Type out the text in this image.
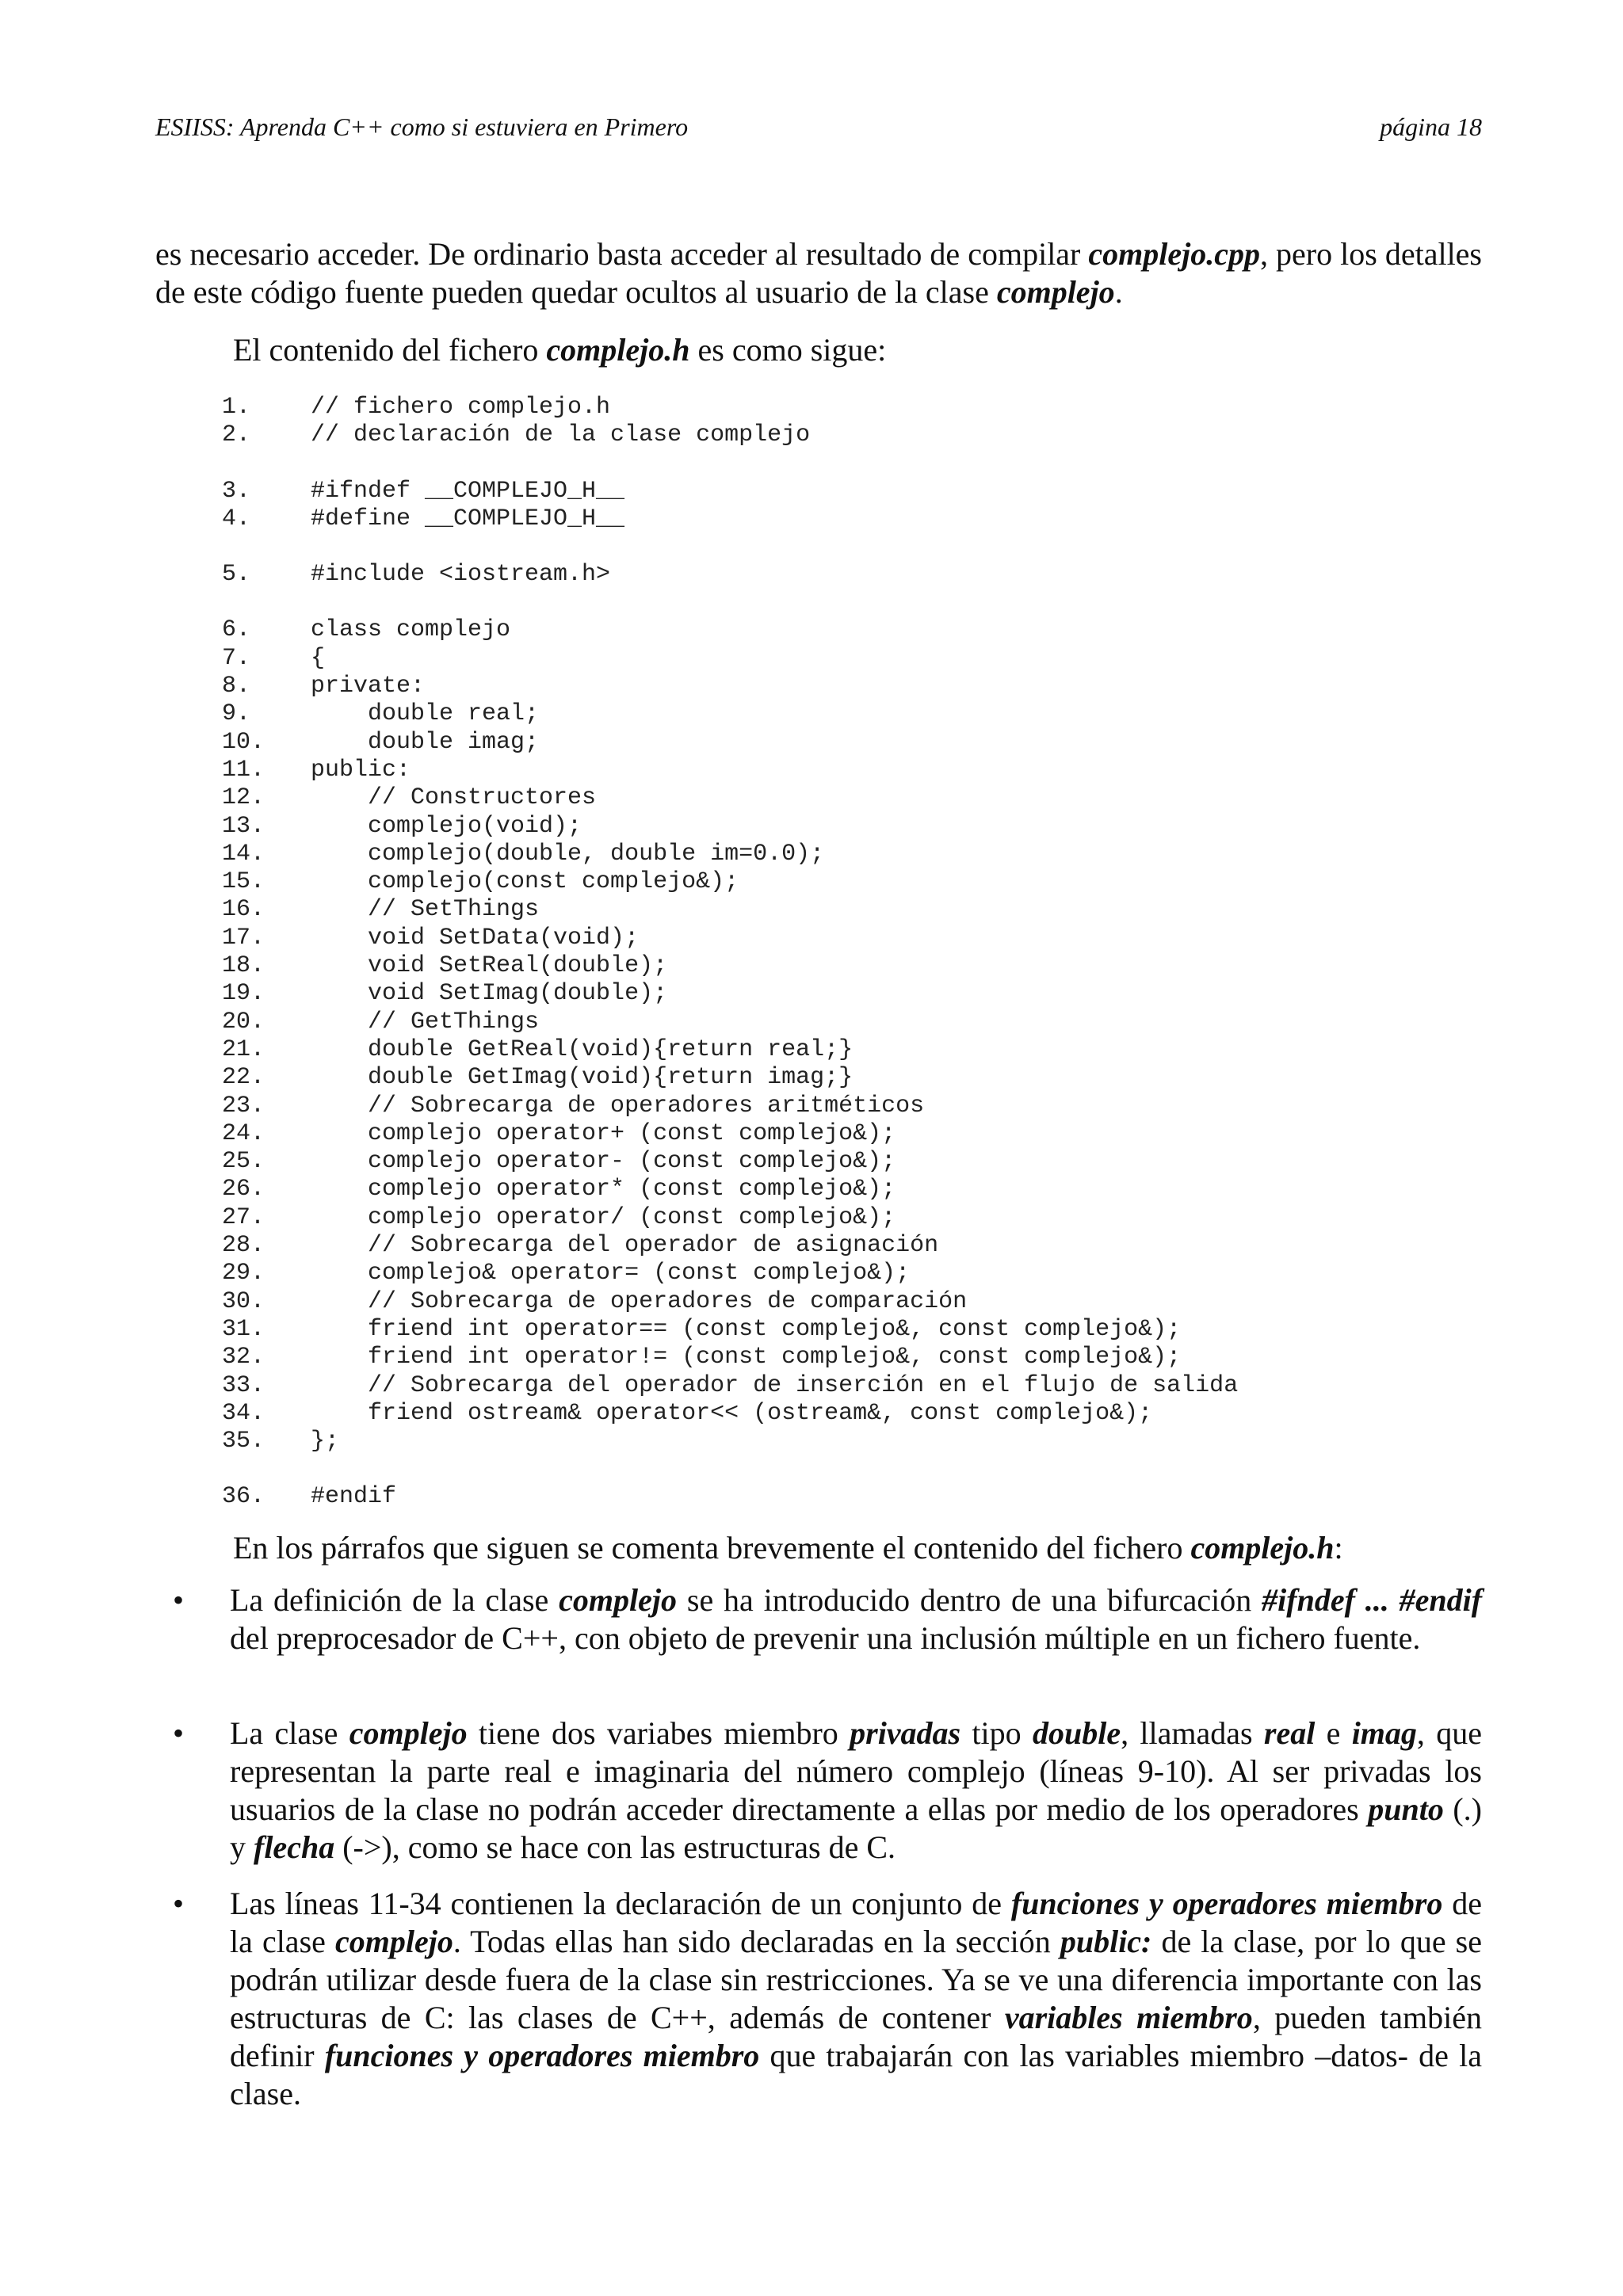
ESIISS: Aprenda C++ como si estuviera en Primero	página 18
es necesario acceder. De ordinario basta acceder al resultado de compilar complejo.cpp, pero los detalles de este código fuente pueden quedar ocultos al usuario de la clase complejo.
El contenido del fichero complejo.h es como sigue:
1.	// fichero complejo.h
2.	// declaración de la clase complejo
3.	#ifndef __COMPLEJO_H__
4.	#define __COMPLEJO_H__
5.	#include <iostream.h>
6.	class complejo
7.	{
8.	private:
9.	double real;
10.	double imag;
11.	public:
12.	// Constructores
13.	complejo(void);
14.	complejo(double, double im=0.0);
15.	complejo(const complejo&);
16.	// SetThings
17.	void SetData(void);
18.	void SetReal(double);
19.	void SetImag(double);
20.	// GetThings
21.	double GetReal(void){return real;}
22.	double GetImag(void){return imag;}
23.	// Sobrecarga de operadores aritméticos
24.	complejo operator+ (const complejo&);
25.	complejo operator- (const complejo&);
26.	complejo operator* (const complejo&);
27.	complejo operator/ (const complejo&);
28.	// Sobrecarga del operador de asignación
29.	complejo& operator= (const complejo&);
30.	// Sobrecarga de operadores de comparación
31.	friend int operator== (const complejo&, const complejo&);
32.	friend int operator!= (const complejo&, const complejo&);
33.	// Sobrecarga del operador de inserción en el flujo de salida
34.	friend ostream& operator<< (ostream&, const complejo&);
35.	};
36.	#endif
En los párrafos que siguen se comenta brevemente el contenido del fichero complejo.h:
• La definición de la clase complejo se ha introducido dentro de una bifurcación #ifndef ... #endif del preprocesador de C++, con objeto de prevenir una inclusión múltiple en un fichero fuente.
• La clase complejo tiene dos variabes miembro privadas tipo double, llamadas real e imag, que representan la parte real e imaginaria del número complejo (líneas 9-10). Al ser privadas los usuarios de la clase no podrán acceder directamente a ellas por medio de los operadores punto (.) y flecha (->), como se hace con las estructuras de C.
• Las líneas 11-34 contienen la declaración de un conjunto de funciones y operadores miembro de la clase complejo. Todas ellas han sido declaradas en la sección public: de la clase, por lo que se podrán utilizar desde fuera de la clase sin restricciones. Ya se ve una diferencia importante con las estructuras de C: las clases de C++, además de contener variables miembro, pueden también definir funciones y operadores miembro que trabajarán con las variables miembro –datos- de la clase.
